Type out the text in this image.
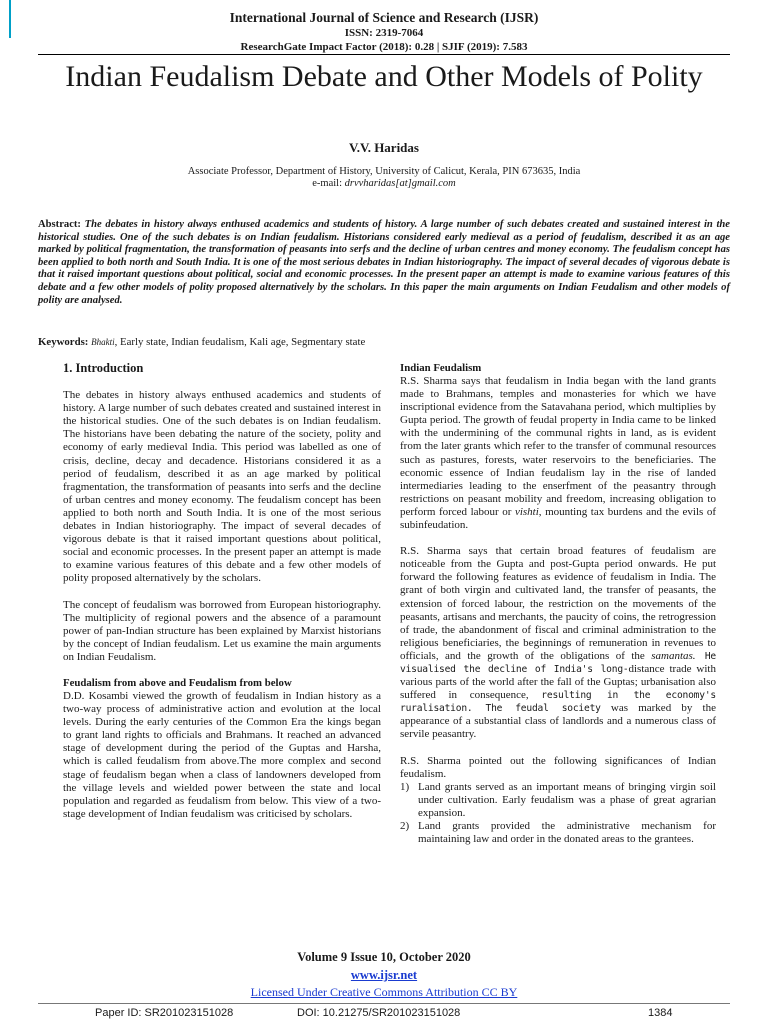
International Journal of Science and Research (IJSR)
ISSN: 2319-7064
ResearchGate Impact Factor (2018): 0.28 | SJIF (2019): 7.583
Indian Feudalism Debate and Other Models of Polity
V.V. Haridas
Associate Professor, Department of History, University of Calicut, Kerala, PIN 673635, India
e-mail: drvvharidas[at]gmail.com
Abstract: The debates in history always enthused academics and students of history. A large number of such debates created and sustained interest in the historical studies. One of the such debates is on Indian feudalism. Historians considered early medieval as a period of feudalism, described it as an age marked by political fragmentation, the transformation of peasants into serfs and the decline of urban centres and money economy. The feudalism concept has been applied to both north and South India. It is one of the most serious debates in Indian historiography. The impact of several decades of vigorous debate is that it raised important questions about political, social and economic processes. In the present paper an attempt is made to examine various features of this debate and a few other models of polity proposed alternatively by the scholars. In this paper the main arguments on Indian Feudalism and other models of polity are analysed.
Keywords: Bhakti, Early state, Indian feudalism, Kali age, Segmentary state
1. Introduction

The debates in history always enthused academics and students of history. A large number of such debates created and sustained interest in the historical studies. One of the such debates is on Indian feudalism. The historians have been debating the nature of the society, polity and economy of early medieval India. This period was labelled as one of crisis, decline, decay and decadence. Historians considered it as a period of feudalism, described it as an age marked by political fragmentation, the transformation of peasants into serfs and the decline of urban centres and money economy. The feudalism concept has been applied to both north and South India. It is one of the most serious debates in Indian historiography. The impact of several decades of vigorous debate is that it raised important questions about political, social and economic processes. In the present paper an attempt is made to examine various features of this debate and a few other models of polity proposed alternatively by the scholars.

The concept of feudalism was borrowed from European historiography. The multiplicity of regional powers and the absence of a paramount power of pan-Indian structure has been explained by Marxist historians by the concept of Indian feudalism. Let us examine the main arguments on Indian Feudalism.

Feudalism from above and Feudalism from below

D.D. Kosambi viewed the growth of feudalism in Indian history as a two-way process of administrative action and evolution at the local levels. During the early centuries of the Common Era the kings began to grant land rights to officials and Brahmans. It reached an advanced stage of development during the period of the Guptas and Harsha, which is called feudalism from above.The more complex and second stage of feudalism began when a class of landowners developed from the village levels and wielded power between the state and local population and regarded as feudalism from below. This view of a two-stage development of Indian feudalism was criticised by scholars.

Indian Feudalism

R.S. Sharma says that feudalism in India began with the land grants made to Brahmans, temples and monasteries for which we have inscriptional evidence from the Satavahana period, which multiplies by Gupta period. The growth of feudal property in India came to be linked with the undermining of the communal rights in land, as is evident from the later grants which refer to the transfer of communal resources such as pastures, forests, water reservoirs to the beneficiaries. The economic essence of Indian feudalism lay in the rise of landed intermediaries leading to the enserfment of the peasantry through restrictions on peasant mobility and freedom, increasing obligation to perform forced labour or vishti, mounting tax burdens and the evils of subinfeudation.

R.S. Sharma says that certain broad features of feudalism are noticeable from the Gupta and post-Gupta period onwards. He put forward the following features as evidence of feudalism in India. The grant of both virgin and cultivated land, the transfer of peasants, the extension of forced labour, the restriction on the movements of the peasants, artisans and merchants, the paucity of coins, the retrogression of trade, the abandonment of fiscal and criminal administration to the religious beneficiaries, the beginnings of remuneration in revenues to officials, and the growth of the obligations of the samantas. He visualised the decline of India's long-distance trade with various parts of the world after the fall of the Guptas; urbanisation also suffered in consequence, resulting in the economy's ruralisation. The feudal society was marked by the appearance of a substantial class of landlords and a numerous class of servile peasantry.

R.S. Sharma pointed out the following significances of Indian feudalism.

1) Land grants served as an important means of bringing virgin soil under cultivation. Early feudalism was a phase of great agrarian expansion.
2) Land grants provided the administrative mechanism for maintaining law and order in the donated areas to the grantees.
Volume 9 Issue 10, October 2020
www.ijsr.net
Licensed Under Creative Commons Attribution CC BY
Paper ID: SR201023151028	DOI: 10.21275/SR201023151028	1384
